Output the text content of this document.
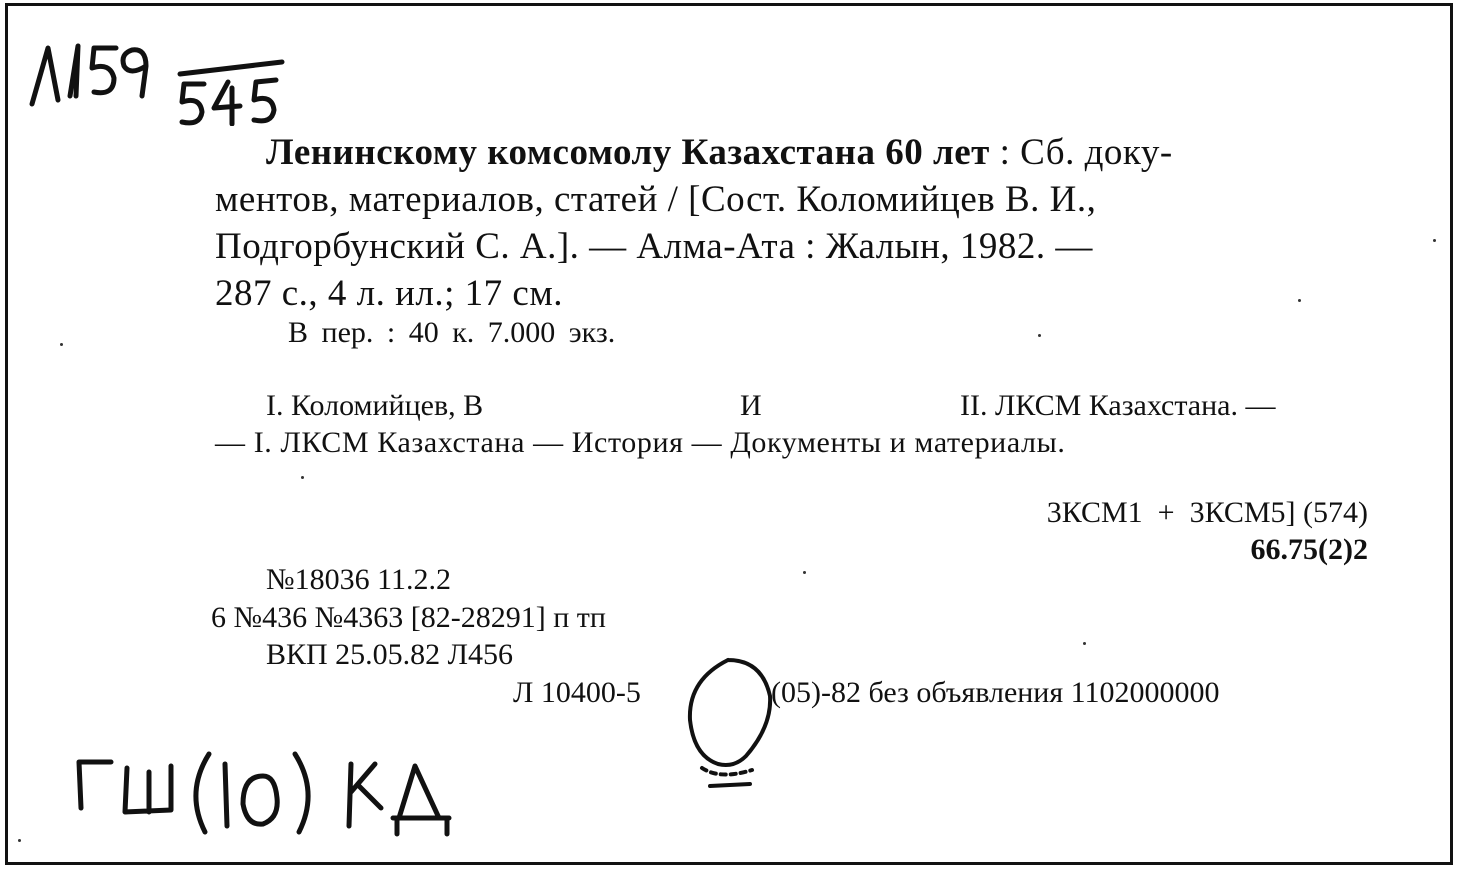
Ленинскому комсомолу Казахстана 60 лет : Сб. доку-
ментов, материалов, статей / [Сост. Коломийцев В. И.,
Подгорбунский С. А.]. — Алма-Ата : Жалын, 1982. —
287 с., 4 л. ил.; 17 см.
В пер. : 40 к. 7.000 экз.
I. Коломийцев, В	И	II. ЛКСМ Казахстана. —
— I. ЛКСМ Казахстана — История — Документы и материалы.
3КСМ1  +  3КСМ5] (574)
66.75(2)2
№18036 11.2.2
6 №436 №4363 [82-28291] п тп
ВКП 25.05.82 Л456
Л 10400-5	(05)-82 без объявления 1102000000
